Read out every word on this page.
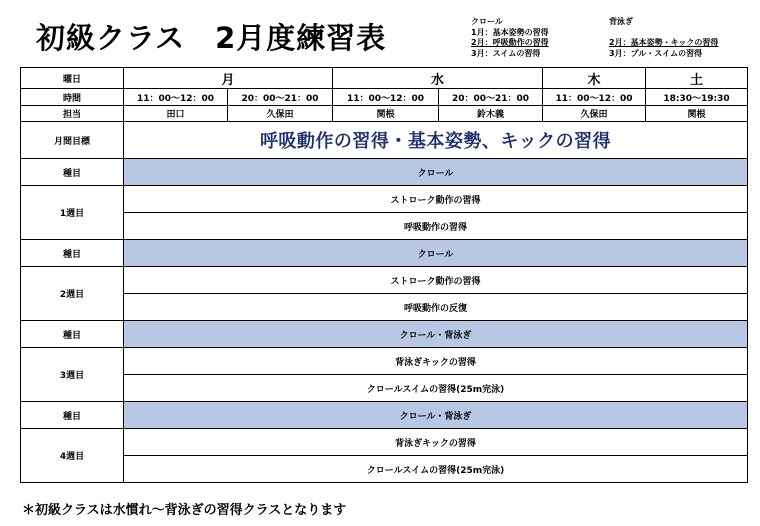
初級クラス　2月度練習表	クロール
1月：基本姿勢の習得
2月：呼吸動作の習得
3月：スイムの習得
背泳ぎ

2月：基本姿勢・キックの習得
3月：プル・スイムの習得
曜日	月		水		木	土
時間	11：00～12：00	20：00～21：00	11：00～12：00	20：00～21：00	11：00～12：00	18:30～19:30
担当	田口	久保田	関根	鈴木義	久保田	関根
月間目標	呼吸動作の習得・基本姿勢、キックの習得					
種目	クロール					
1週目	ストローク動作の習得					
	呼吸動作の習得					
種目	クロール					
2週目	ストローク動作の習得					
	呼吸動作の反復					
種目	クロール・背泳ぎ					
3週目	背泳ぎキックの習得					
	クロールスイムの習得(25m完泳)					
種目	クロール・背泳ぎ					
4週目	背泳ぎキックの習得					
	クロールスイムの習得(25m完泳)					
＊初級クラスは水慣れ～背泳ぎの習得クラスとなります
